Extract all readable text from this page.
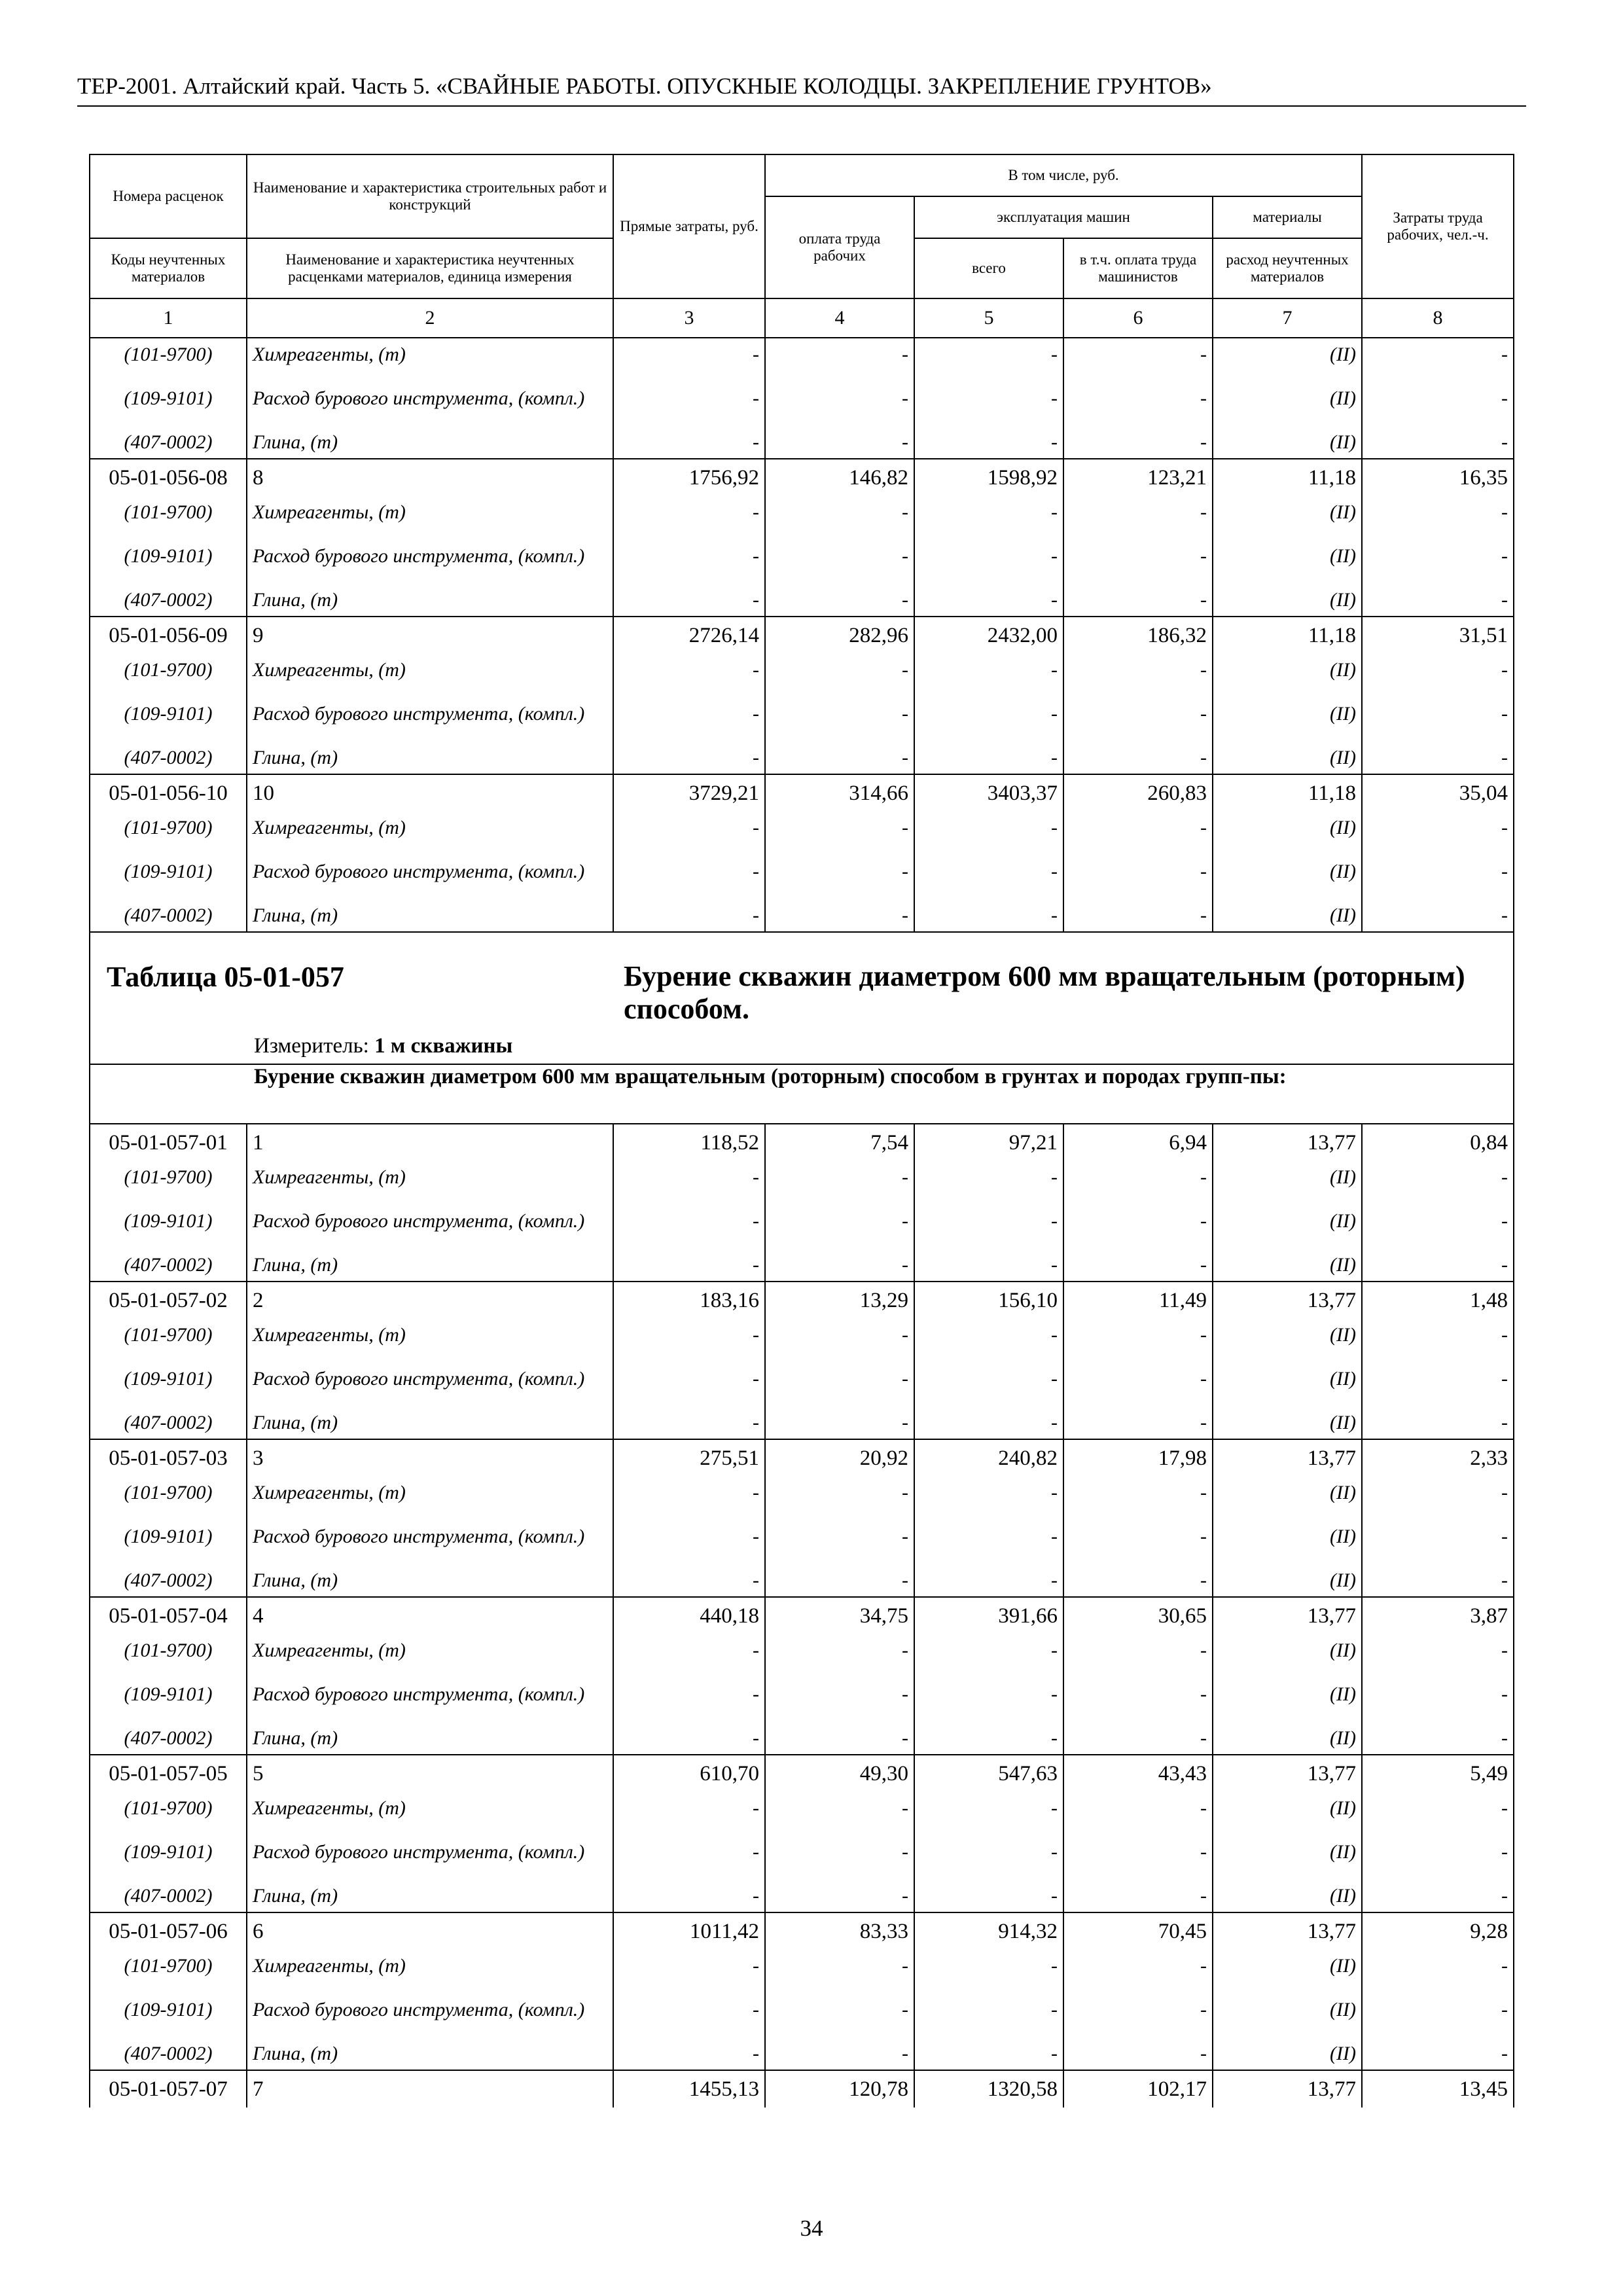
ТЕР-2001. Алтайский край. Часть 5. «СВАЙНЫЕ РАБОТЫ. ОПУСКНЫЕ КОЛОДЦЫ. ЗАКРЕПЛЕНИЕ ГРУНТОВ»
Номера расценок	Наименование и характеристика строительных работ и конструкций	Прямые затраты, руб.	В том числе, руб.				Затраты труда рабочих, чел.-ч.
			оплата труда рабочих	эксплуатация машин		материалы	
Коды неучтенных материалов	Наименование и характеристика неучтенных расценками материалов, единица измерения			всего	в т.ч. оплата труда машинистов	расход неучтенных материалов	
1	2	3	4	5	6	7	8
(101-9700)	Химреагенты, (т)	-	-	-	-	(II)	-
(109-9101)	Расход бурового инструмента, (компл.)	-	-	-	-	(II)	-
(407-0002)	Глина, (т)	-	-	-	-	(II)	-
05-01-056-08	8	1756,92	146,82	1598,92	123,21	11,18	16,35
(101-9700)	Химреагенты, (т)	-	-	-	-	(II)	-
(109-9101)	Расход бурового инструмента, (компл.)	-	-	-	-	(II)	-
(407-0002)	Глина, (т)	-	-	-	-	(II)	-
05-01-056-09	9	2726,14	282,96	2432,00	186,32	11,18	31,51
(101-9700)	Химреагенты, (т)	-	-	-	-	(II)	-
(109-9101)	Расход бурового инструмента, (компл.)	-	-	-	-	(II)	-
(407-0002)	Глина, (т)	-	-	-	-	(II)	-
05-01-056-10	10	3729,21	314,66	3403,37	260,83	11,18	35,04
(101-9700)	Химреагенты, (т)	-	-	-	-	(II)	-
(109-9101)	Расход бурового инструмента, (компл.)	-	-	-	-	(II)	-
(407-0002)	Глина, (т)	-	-	-	-	(II)	-

Таблица 05-01-057 Бурение скважин диаметром 600 мм вращательным (роторным) способом.
Измеритель: 1 м скважины							

Бурение скважин диаметром 600 мм вращательным (роторным) способом в грунтах и породах групп-пы:							

05-01-057-01	1	118,52	7,54	97,21	6,94	13,77	0,84
(101-9700)	Химреагенты, (т)	-	-	-	-	(II)	-
(109-9101)	Расход бурового инструмента, (компл.)	-	-	-	-	(II)	-
(407-0002)	Глина, (т)	-	-	-	-	(II)	-
05-01-057-02	2	183,16	13,29	156,10	11,49	13,77	1,48
(101-9700)	Химреагенты, (т)	-	-	-	-	(II)	-
(109-9101)	Расход бурового инструмента, (компл.)	-	-	-	-	(II)	-
(407-0002)	Глина, (т)	-	-	-	-	(II)	-
05-01-057-03	3	275,51	20,92	240,82	17,98	13,77	2,33
(101-9700)	Химреагенты, (т)	-	-	-	-	(II)	-
(109-9101)	Расход бурового инструмента, (компл.)	-	-	-	-	(II)	-
(407-0002)	Глина, (т)	-	-	-	-	(II)	-
05-01-057-04	4	440,18	34,75	391,66	30,65	13,77	3,87
(101-9700)	Химреагенты, (т)	-	-	-	-	(II)	-
(109-9101)	Расход бурового инструмента, (компл.)	-	-	-	-	(II)	-
(407-0002)	Глина, (т)	-	-	-	-	(II)	-
05-01-057-05	5	610,70	49,30	547,63	43,43	13,77	5,49
(101-9700)	Химреагенты, (т)	-	-	-	-	(II)	-
(109-9101)	Расход бурового инструмента, (компл.)	-	-	-	-	(II)	-
(407-0002)	Глина, (т)	-	-	-	-	(II)	-
05-01-057-06	6	1011,42	83,33	914,32	70,45	13,77	9,28
(101-9700)	Химреагенты, (т)	-	-	-	-	(II)	-
(109-9101)	Расход бурового инструмента, (компл.)	-	-	-	-	(II)	-
(407-0002)	Глина, (т)	-	-	-	-	(II)	-
05-01-057-07	7	1455,13	120,78	1320,58	102,17	13,77	13,45
34
